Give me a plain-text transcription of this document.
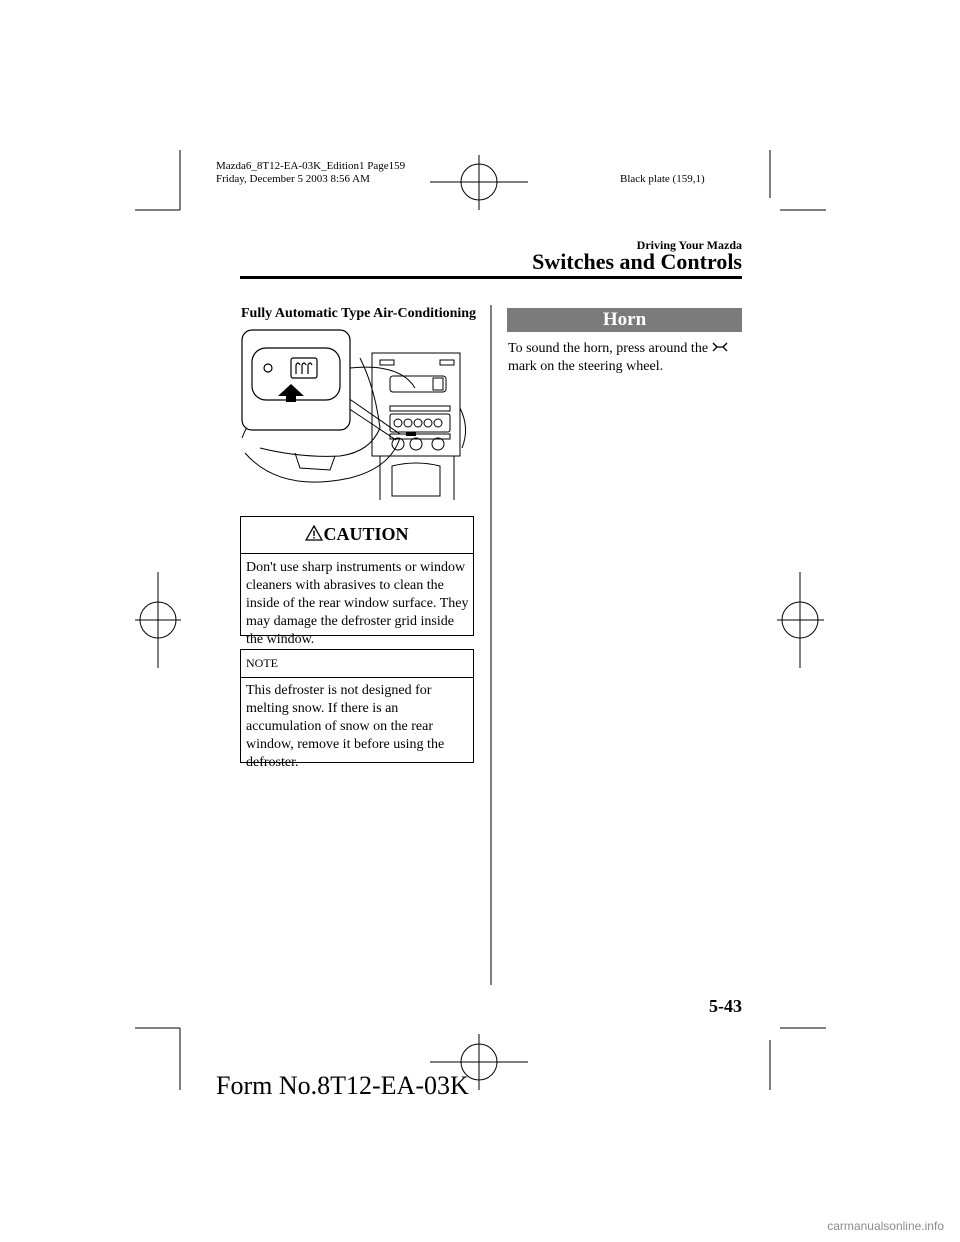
Mazda6_8T12-EA-03K_Edition1 Page159
Friday, December 5 2003 8:56 AM	Black plate (159,1)
Driving Your Mazda
Switches and Controls
Fully Automatic Type Air-Conditioning
CAUTION
Don't use sharp instruments or window
cleaners with abrasives to clean the
inside of the rear window surface. They
may damage the defroster grid inside
the window.
NOTE
This defroster is not designed for
melting snow. If there is an
accumulation of snow on the rear
window, remove it before using the
defroster.
Horn
To sound the horn, press around the
mark on the steering wheel.
5-43
Form No.8T12-EA-03K
carmanualsonline.info
